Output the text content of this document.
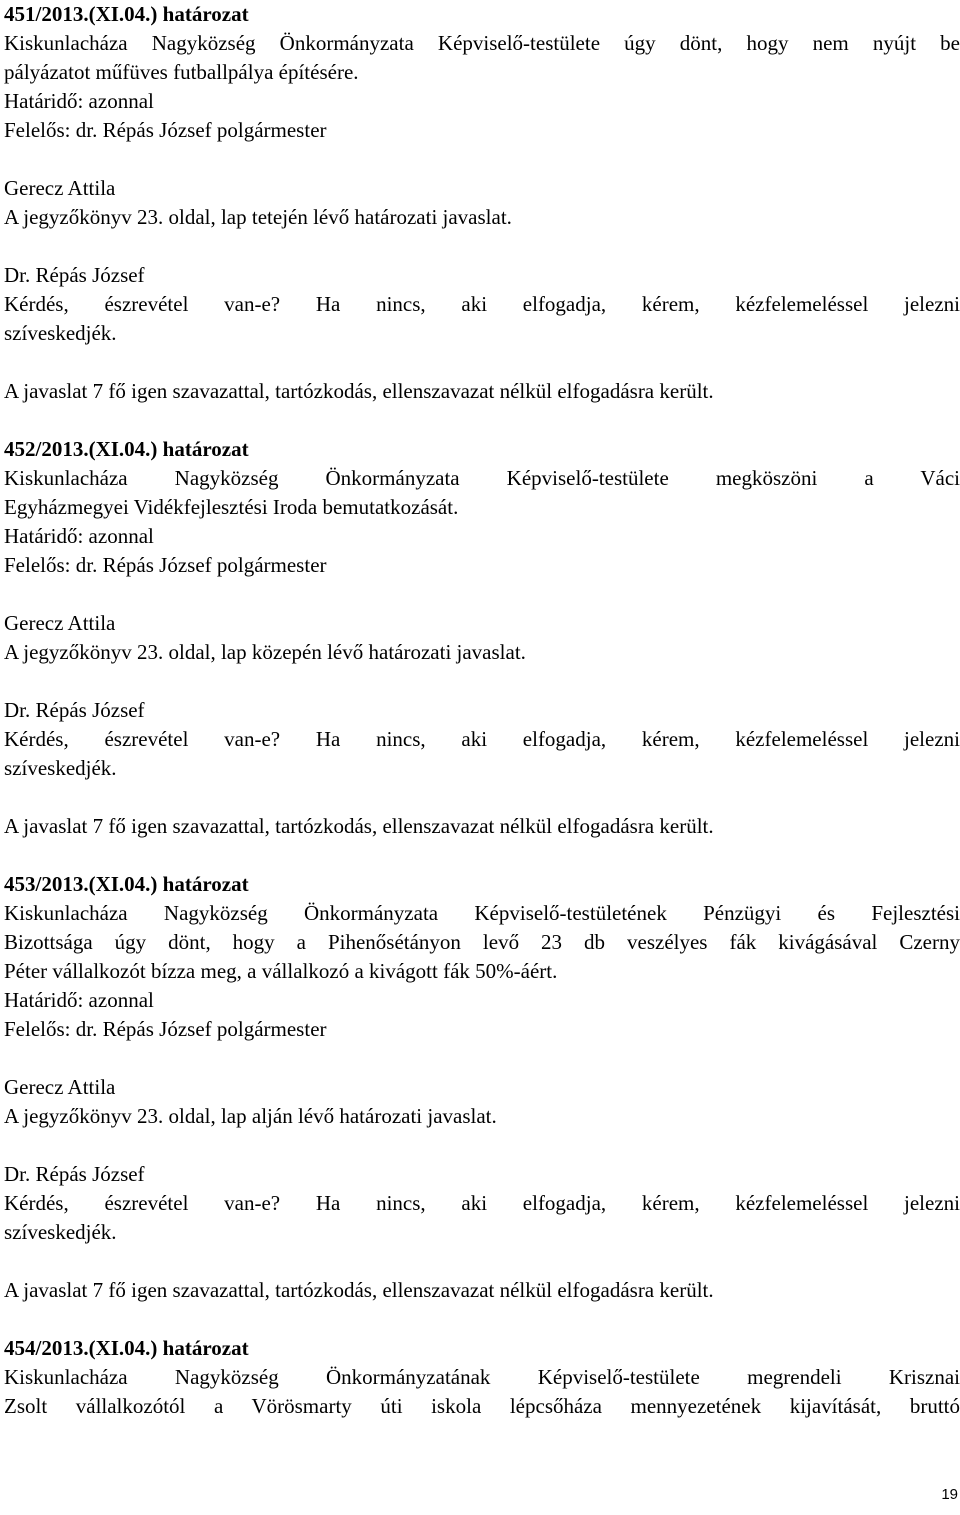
451/2013.(XI.04.) határozat
Kiskunlacháza Nagyközség Önkormányzata Képviselő-testülete úgy dönt, hogy nem nyújt be
pályázatot műfüves futballpálya építésére.
Határidő: azonnal
Felelős: dr. Répás József polgármester
Gerecz Attila
A jegyzőkönyv 23. oldal, lap tetején lévő határozati javaslat.
Dr. Répás József
Kérdés, észrevétel van-e? Ha nincs, aki elfogadja, kérem, kézfelemeléssel jelezni
szíveskedjék.
A javaslat 7 fő igen szavazattal, tartózkodás, ellenszavazat nélkül elfogadásra került.
452/2013.(XI.04.) határozat
Kiskunlacháza Nagyközség Önkormányzata Képviselő-testülete megköszöni a Váci
Egyházmegyei Vidékfejlesztési Iroda bemutatkozását.
Határidő: azonnal
Felelős: dr. Répás József polgármester
Gerecz Attila
A jegyzőkönyv 23. oldal, lap közepén lévő határozati javaslat.
Dr. Répás József
Kérdés, észrevétel van-e? Ha nincs, aki elfogadja, kérem, kézfelemeléssel jelezni
szíveskedjék.
A javaslat 7 fő igen szavazattal, tartózkodás, ellenszavazat nélkül elfogadásra került.
453/2013.(XI.04.) határozat
Kiskunlacháza Nagyközség Önkormányzata Képviselő-testületének Pénzügyi és Fejlesztési
Bizottsága úgy dönt, hogy a Pihenősétányon levő 23 db veszélyes fák kivágásával Czerny
Péter vállalkozót bízza meg, a vállalkozó a kivágott fák 50%-áért.
Határidő: azonnal
Felelős: dr. Répás József polgármester
Gerecz Attila
A jegyzőkönyv 23. oldal, lap alján lévő határozati javaslat.
Dr. Répás József
Kérdés, észrevétel van-e? Ha nincs, aki elfogadja, kérem, kézfelemeléssel jelezni
szíveskedjék.
A javaslat 7 fő igen szavazattal, tartózkodás, ellenszavazat nélkül elfogadásra került.
454/2013.(XI.04.) határozat
Kiskunlacháza Nagyközség Önkormányzatának Képviselő-testülete megrendeli Krisznai
Zsolt vállalkozótól a Vörösmarty úti iskola lépcsőháza mennyezetének kijavítását, bruttó
19
